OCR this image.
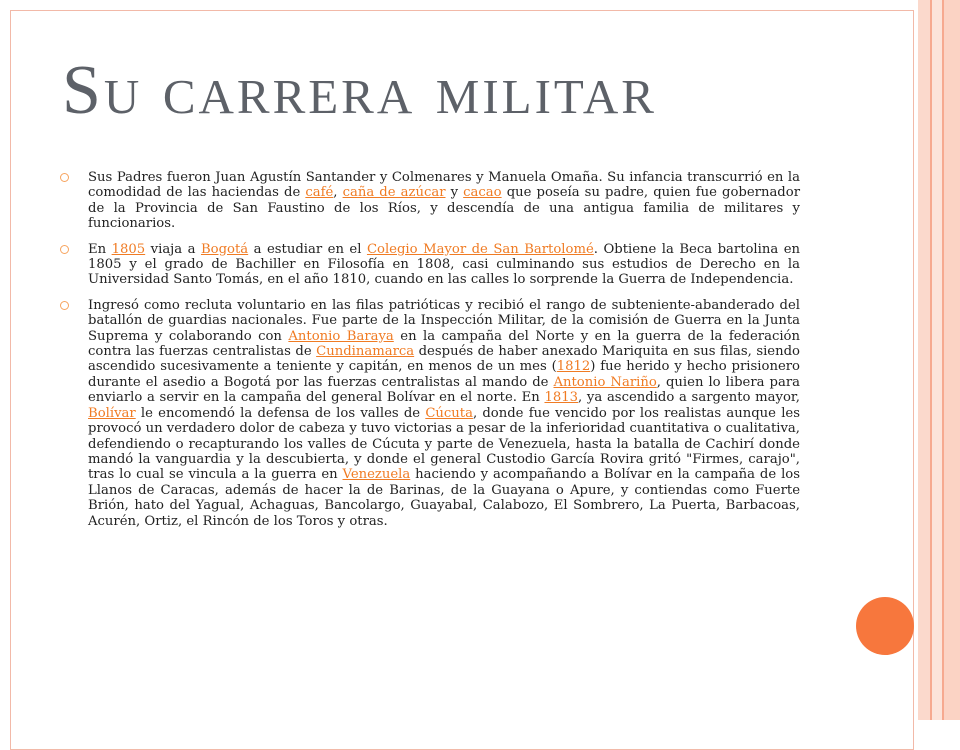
Su carrera militar
Sus Padres fueron Juan Agustín Santander y Colmenares y Manuela Omaña. Su infancia transcurrió en la comodidad de las haciendas de café, caña de azúcar y cacao que poseía su padre, quien fue gobernador de la Provincia de San Faustino de los Ríos, y descendía de una antigua familia de militares y funcionarios.
En 1805 viaja a Bogotá a estudiar en el Colegio Mayor de San Bartolomé. Obtiene la Beca bartolina en 1805 y el grado de Bachiller en Filosofía en 1808, casi culminando sus estudios de Derecho en la Universidad Santo Tomás, en el año 1810, cuando en las calles lo sorprende la Guerra de Independencia.
Ingresó como recluta voluntario en las filas patrióticas y recibió el rango de subteniente-abanderado del batallón de guardias nacionales. Fue parte de la Inspección Militar, de la comisión de Guerra en la Junta Suprema y colaborando con Antonio Baraya en la campaña del Norte y en la guerra de la federación contra las fuerzas centralistas de Cundinamarca después de haber anexado Mariquita en sus filas, siendo ascendido sucesivamente a teniente y capitán, en menos de un mes (1812) fue herido y hecho prisionero durante el asedio a Bogotá por las fuerzas centralistas al mando de Antonio Nariño, quien lo libera para enviarlo a servir en la campaña del general Bolívar en el norte. En 1813, ya ascendido a sargento mayor, Bolívar le encomendó la defensa de los valles de Cúcuta, donde fue vencido por los realistas aunque les provocó un verdadero dolor de cabeza y tuvo victorias a pesar de la inferioridad cuantitativa o cualitativa, defendiendo o recapturando los valles de Cúcuta y parte de Venezuela, hasta la batalla de Cachirí donde mandó la vanguardia y la descubierta, y donde el general Custodio García Rovira gritó "Firmes, carajo", tras lo cual se vincula a la guerra en Venezuela haciendo y acompañando a Bolívar en la campaña de los Llanos de Caracas, además de hacer la de Barinas, de la Guayana o Apure, y contiendas como Fuerte Brión, hato del Yagual, Achaguas, Bancolargo, Guayabal, Calabozo, El Sombrero, La Puerta, Barbacoas, Acurén, Ortiz, el Rincón de los Toros y otras.
